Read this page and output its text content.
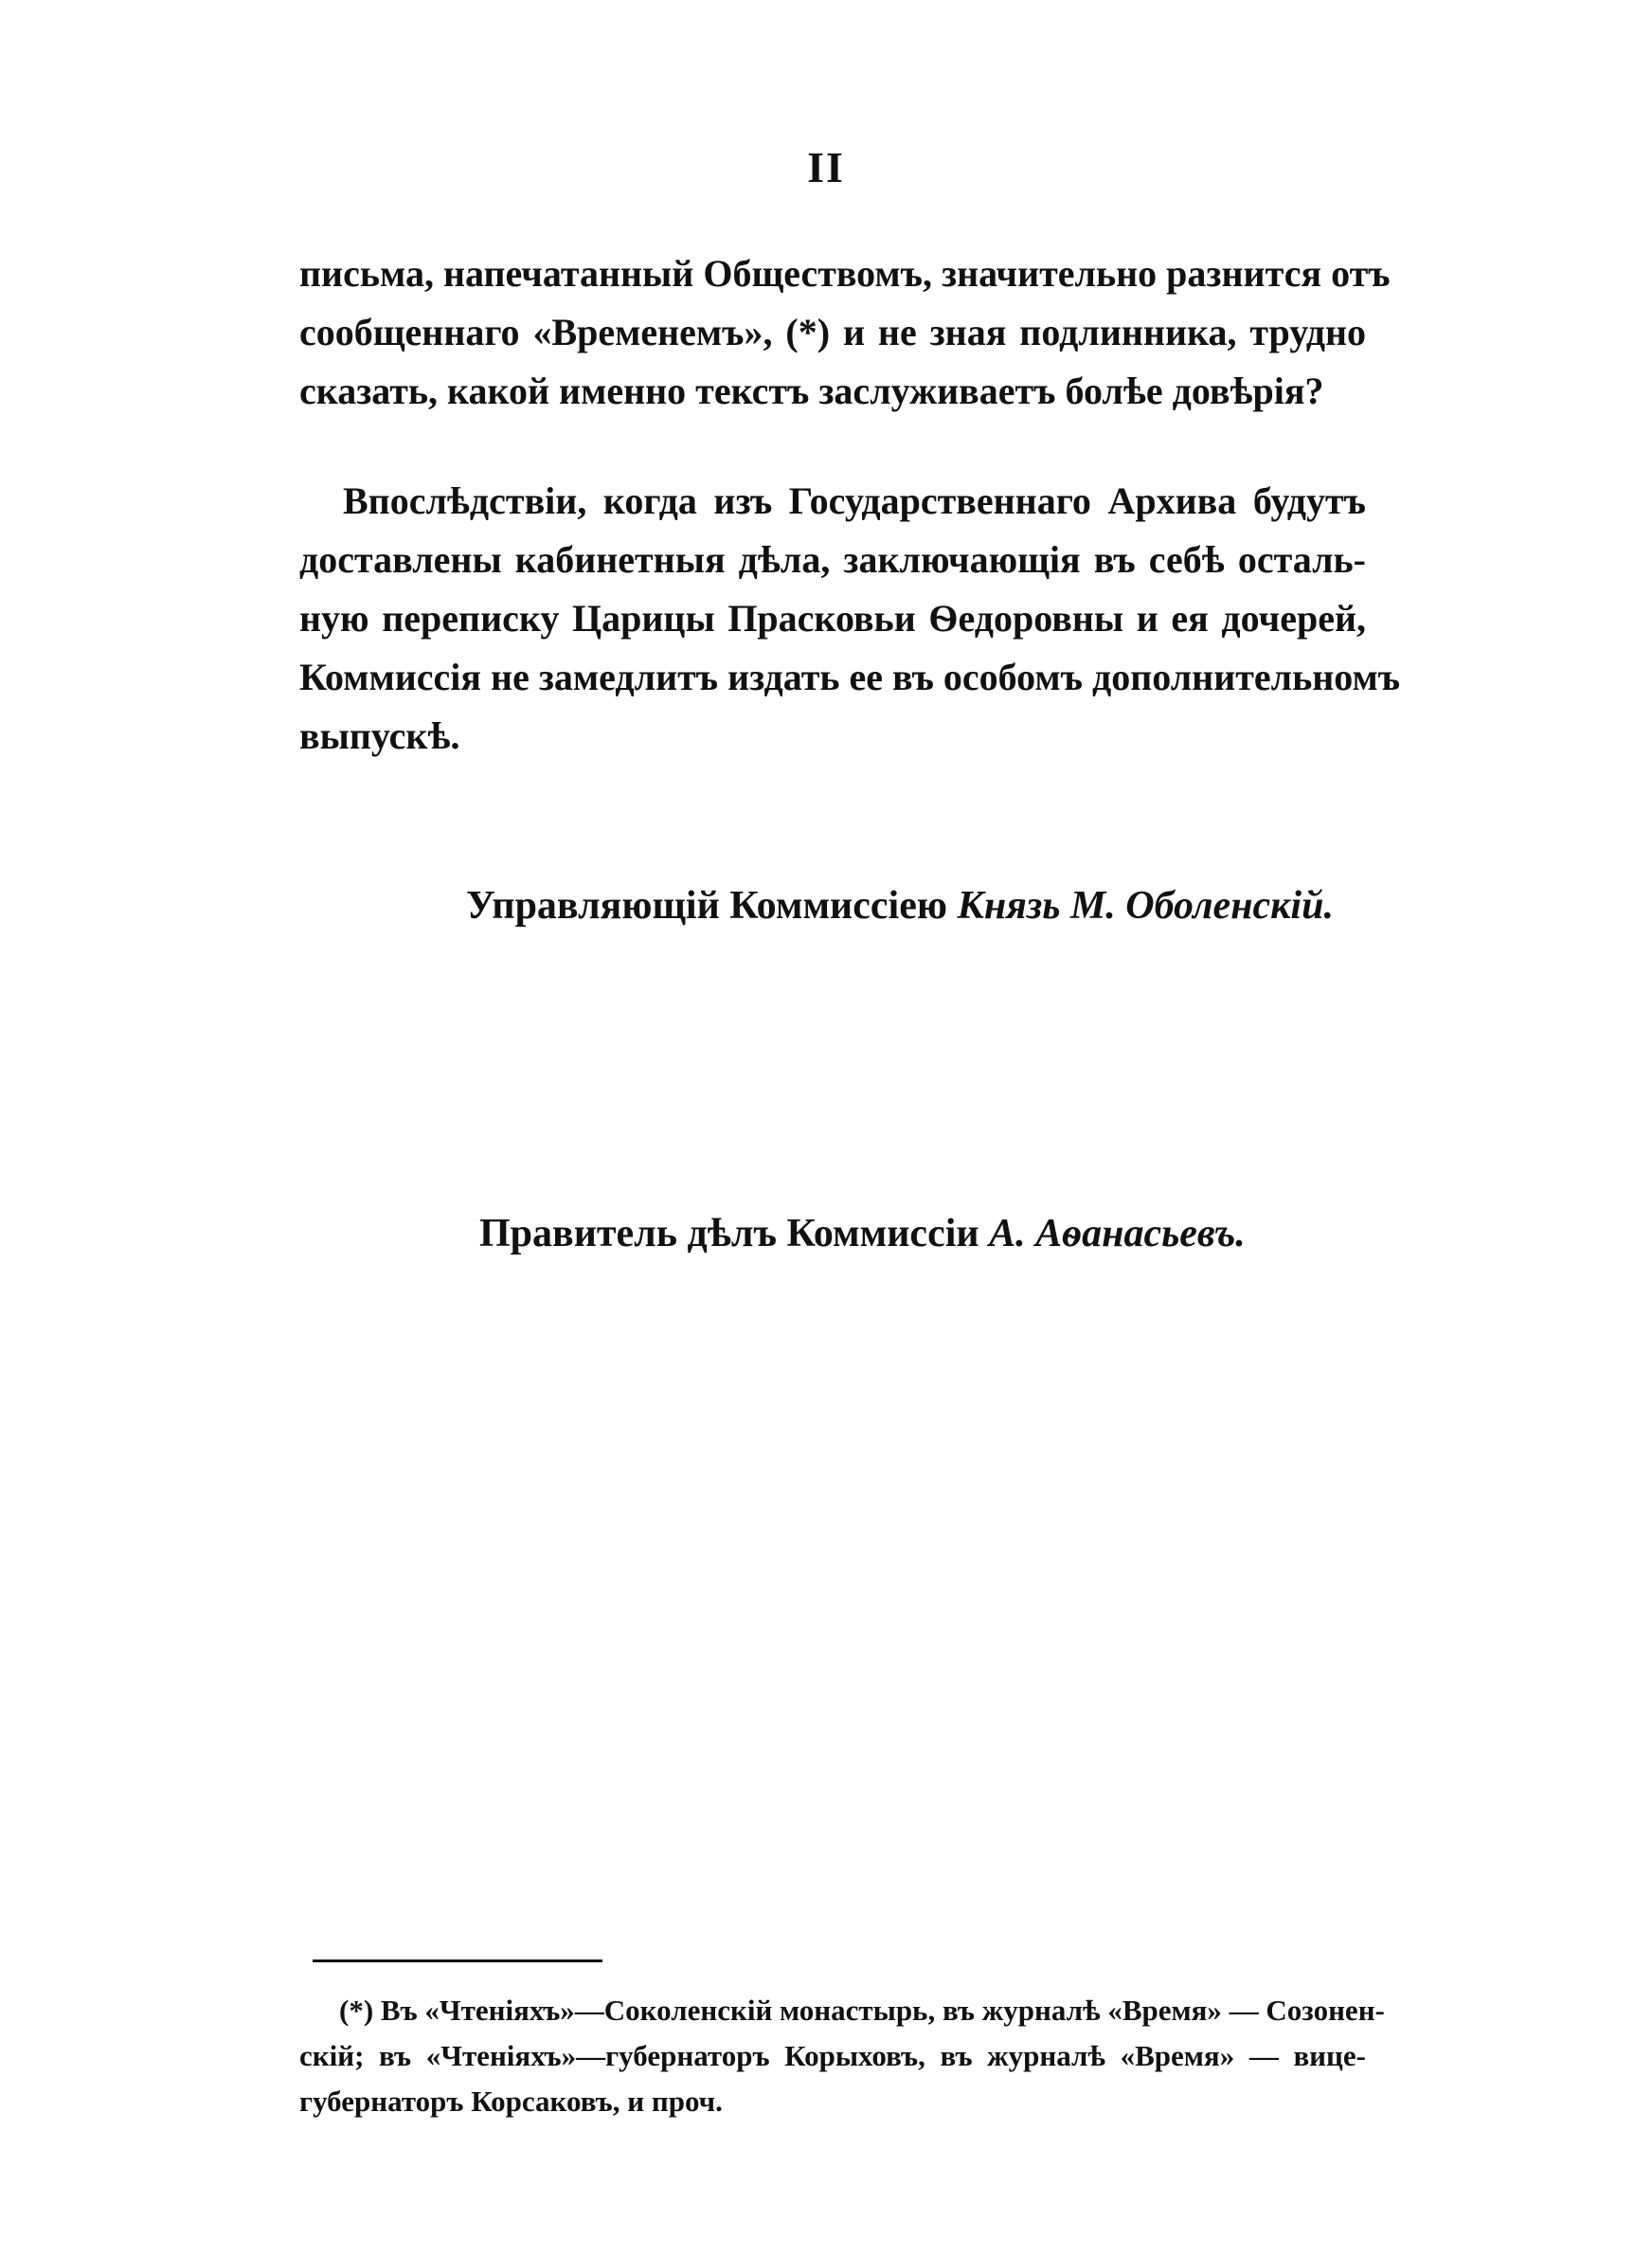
II
письма, напечатанный Обществомъ, значительно разнится отъ
сообщеннаго «Временемъ», (*) и не зная подлинника, трудно
сказать, какой именно текстъ заслуживаетъ болѣе довѣрія?
Впослѣдствіи, когда изъ Государственнаго Архива будутъ
доставлены кабинетныя дѣла, заключающія въ себѣ осталь-
ную переписку Царицы Прасковьи Ѳедоровны и ея дочерей,
Коммиссія не замедлитъ издать ее въ особомъ дополнительномъ
выпускѣ.
Управляющій Коммиссіею Князь М. Оболенскій.
Правитель дѣлъ Коммиссіи А. Аѳанасьевъ.
(*) Въ «Чтеніяхъ»—Соколенскій монастырь, въ журналѣ «Время» — Созонен-
скій; въ «Чтеніяхъ»—губернаторъ Корыховъ, въ журналѣ «Время» — вице-
губернаторъ Корсаковъ, и проч.
